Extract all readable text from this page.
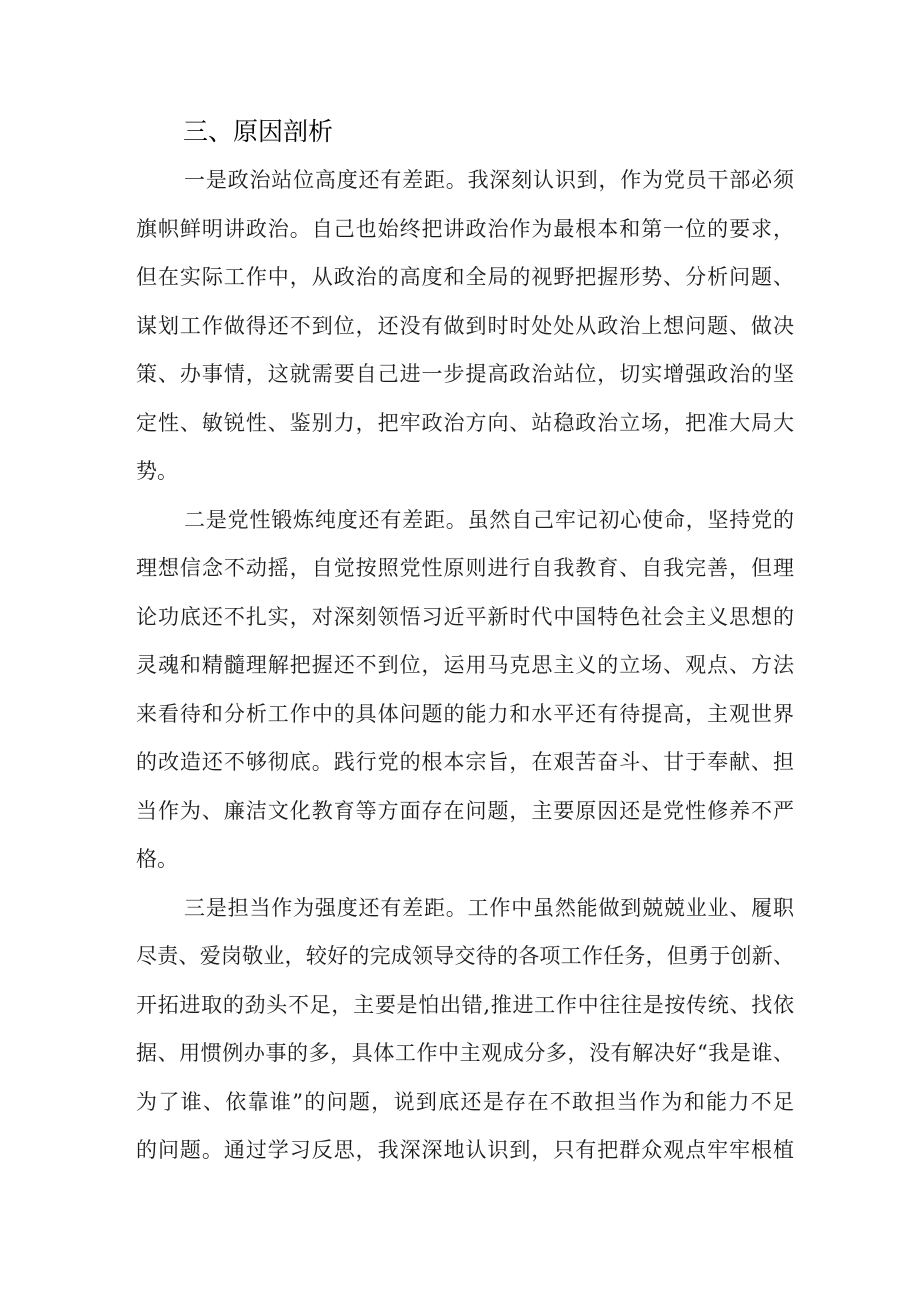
三、原因剖析
一是政治站位高度还有差距。我深刻认识到，作为党员干部必须
旗帜鲜明讲政治。自己也始终把讲政治作为最根本和第一位的要求，
但在实际工作中，从政治的高度和全局的视野把握形势、分析问题、
谋划工作做得还不到位，还没有做到时时处处从政治上想问题、做决
策、办事情，这就需要自己进一步提高政治站位，切实增强政治的坚
定性、敏锐性、鉴别力，把牢政治方向、站稳政治立场，把准大局大
势。
二是党性锻炼纯度还有差距。虽然自己牢记初心使命，坚持党的
理想信念不动摇，自觉按照党性原则进行自我教育、自我完善，但理
论功底还不扎实，对深刻领悟习近平新时代中国特色社会主义思想的
灵魂和精髓理解把握还不到位，运用马克思主义的立场、观点、方法
来看待和分析工作中的具体问题的能力和水平还有待提高，主观世界
的改造还不够彻底。践行党的根本宗旨，在艰苦奋斗、甘于奉献、担
当作为、廉洁文化教育等方面存在问题，主要原因还是党性修养不严
格。
三是担当作为强度还有差距。工作中虽然能做到兢兢业业、履职
尽责、爱岗敬业，较好的完成领导交待的各项工作任务，但勇于创新、
开拓进取的劲头不足，主要是怕出错,推进工作中往往是按传统、找依
据、用惯例办事的多，具体工作中主观成分多，没有解决好“我是谁、
为了谁、依靠谁”的问题，说到底还是存在不敢担当作为和能力不足
的问题。通过学习反思，我深深地认识到，只有把群众观点牢牢根植
